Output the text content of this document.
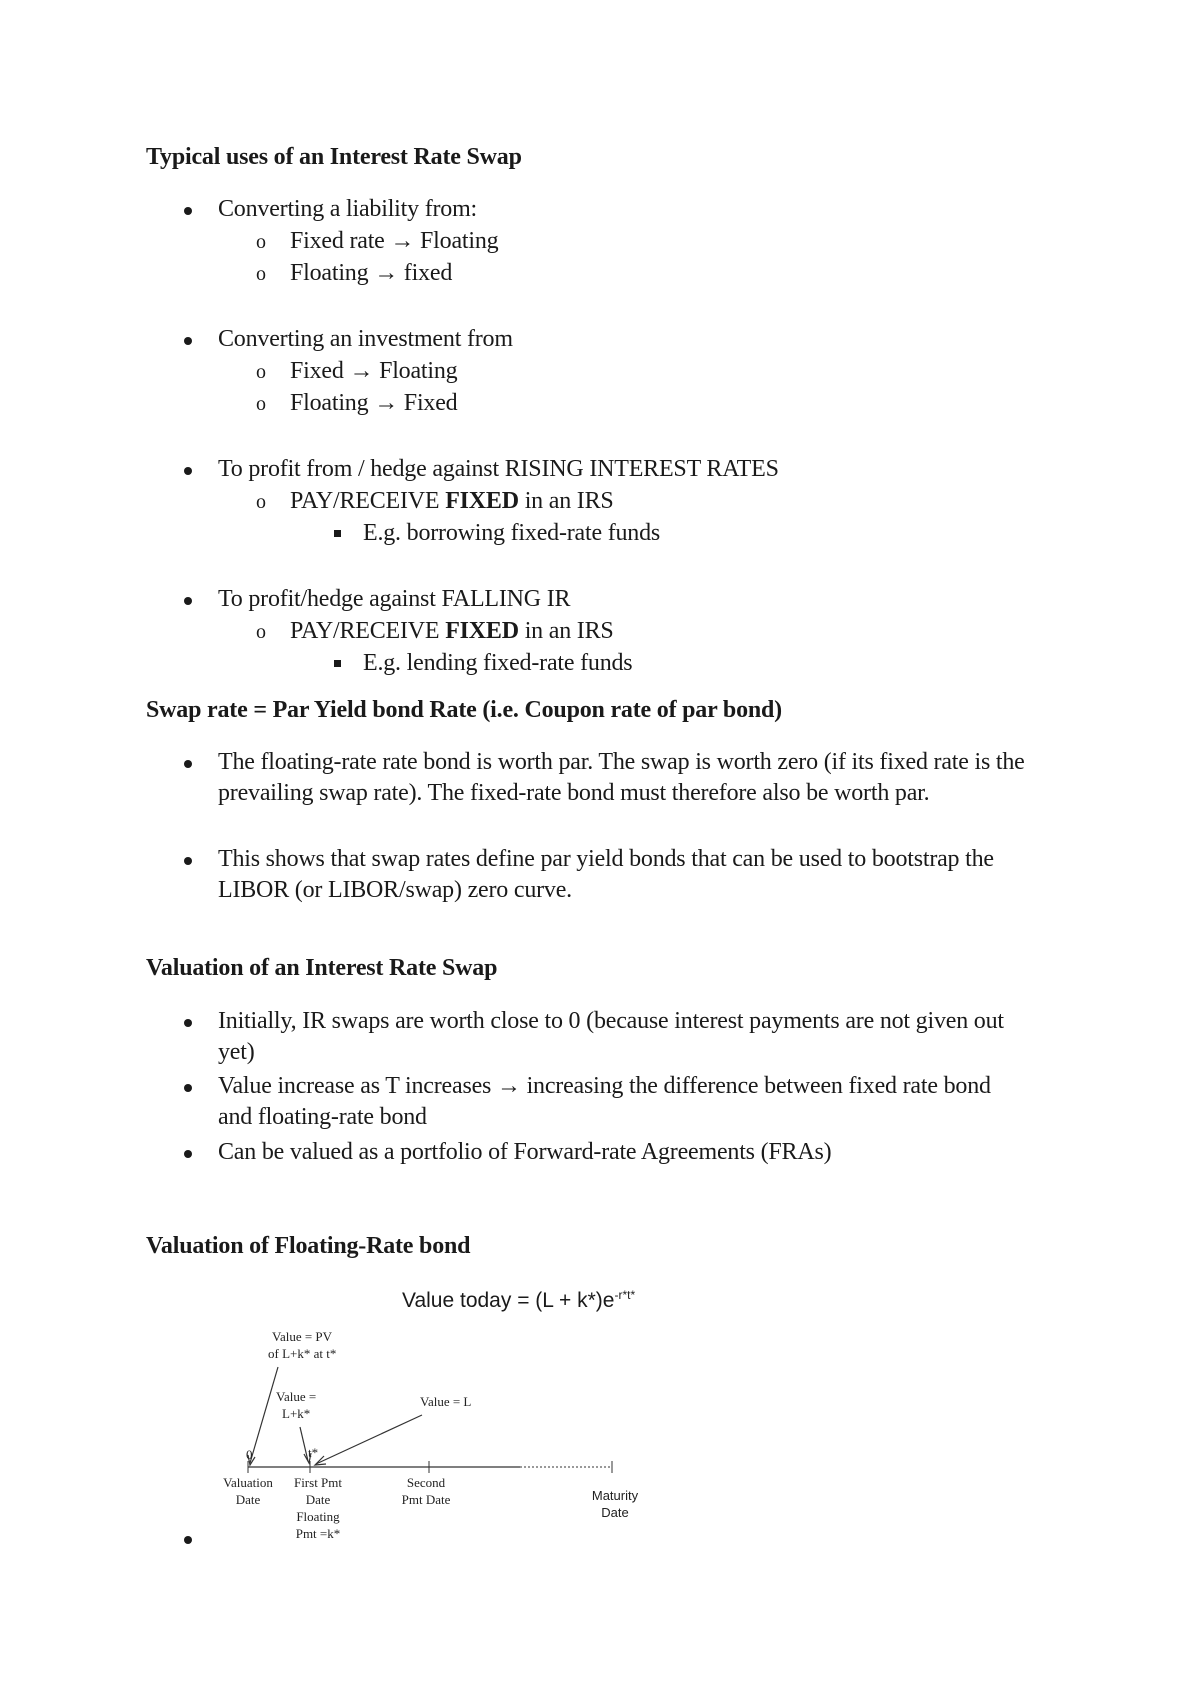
Typical uses of an Interest Rate Swap
Converting a liability from:
o Fixed rate → Floating
o Floating → fixed
Converting an investment from
o Fixed → Floating
o Floating → Fixed
To profit from / hedge against RISING INTEREST RATES
o PAY/RECEIVE FIXED in an IRS
E.g. borrowing fixed-rate funds
To profit/hedge against FALLING IR
o PAY/RECEIVE FIXED in an IRS
E.g. lending fixed-rate funds
Swap rate = Par Yield bond Rate (i.e. Coupon rate of par bond)
The floating-rate rate bond is worth par. The swap is worth zero (if its fixed rate is the
prevailing swap rate). The fixed-rate bond must therefore also be worth par.
This shows that swap rates define par yield bonds that can be used to bootstrap the
LIBOR (or LIBOR/swap) zero curve.
Valuation of an Interest Rate Swap
Initially, IR swaps are worth close to 0 (because interest payments are not given out
yet)
Value increase as T increases → increasing the difference between fixed rate bond
and floating-rate bond
Can be valued as a portfolio of Forward-rate Agreements (FRAs)
Valuation of Floating-Rate bond
Value today = $(L + k*)e^{-r*t*}$
Value = PV
of L+k* at t*
Value =
L+k*
Value = L
0	t*
Valuation
Date
First Pmt
Date
Floating
Pmt =k*
Second
Pmt Date	Maturity
Date
